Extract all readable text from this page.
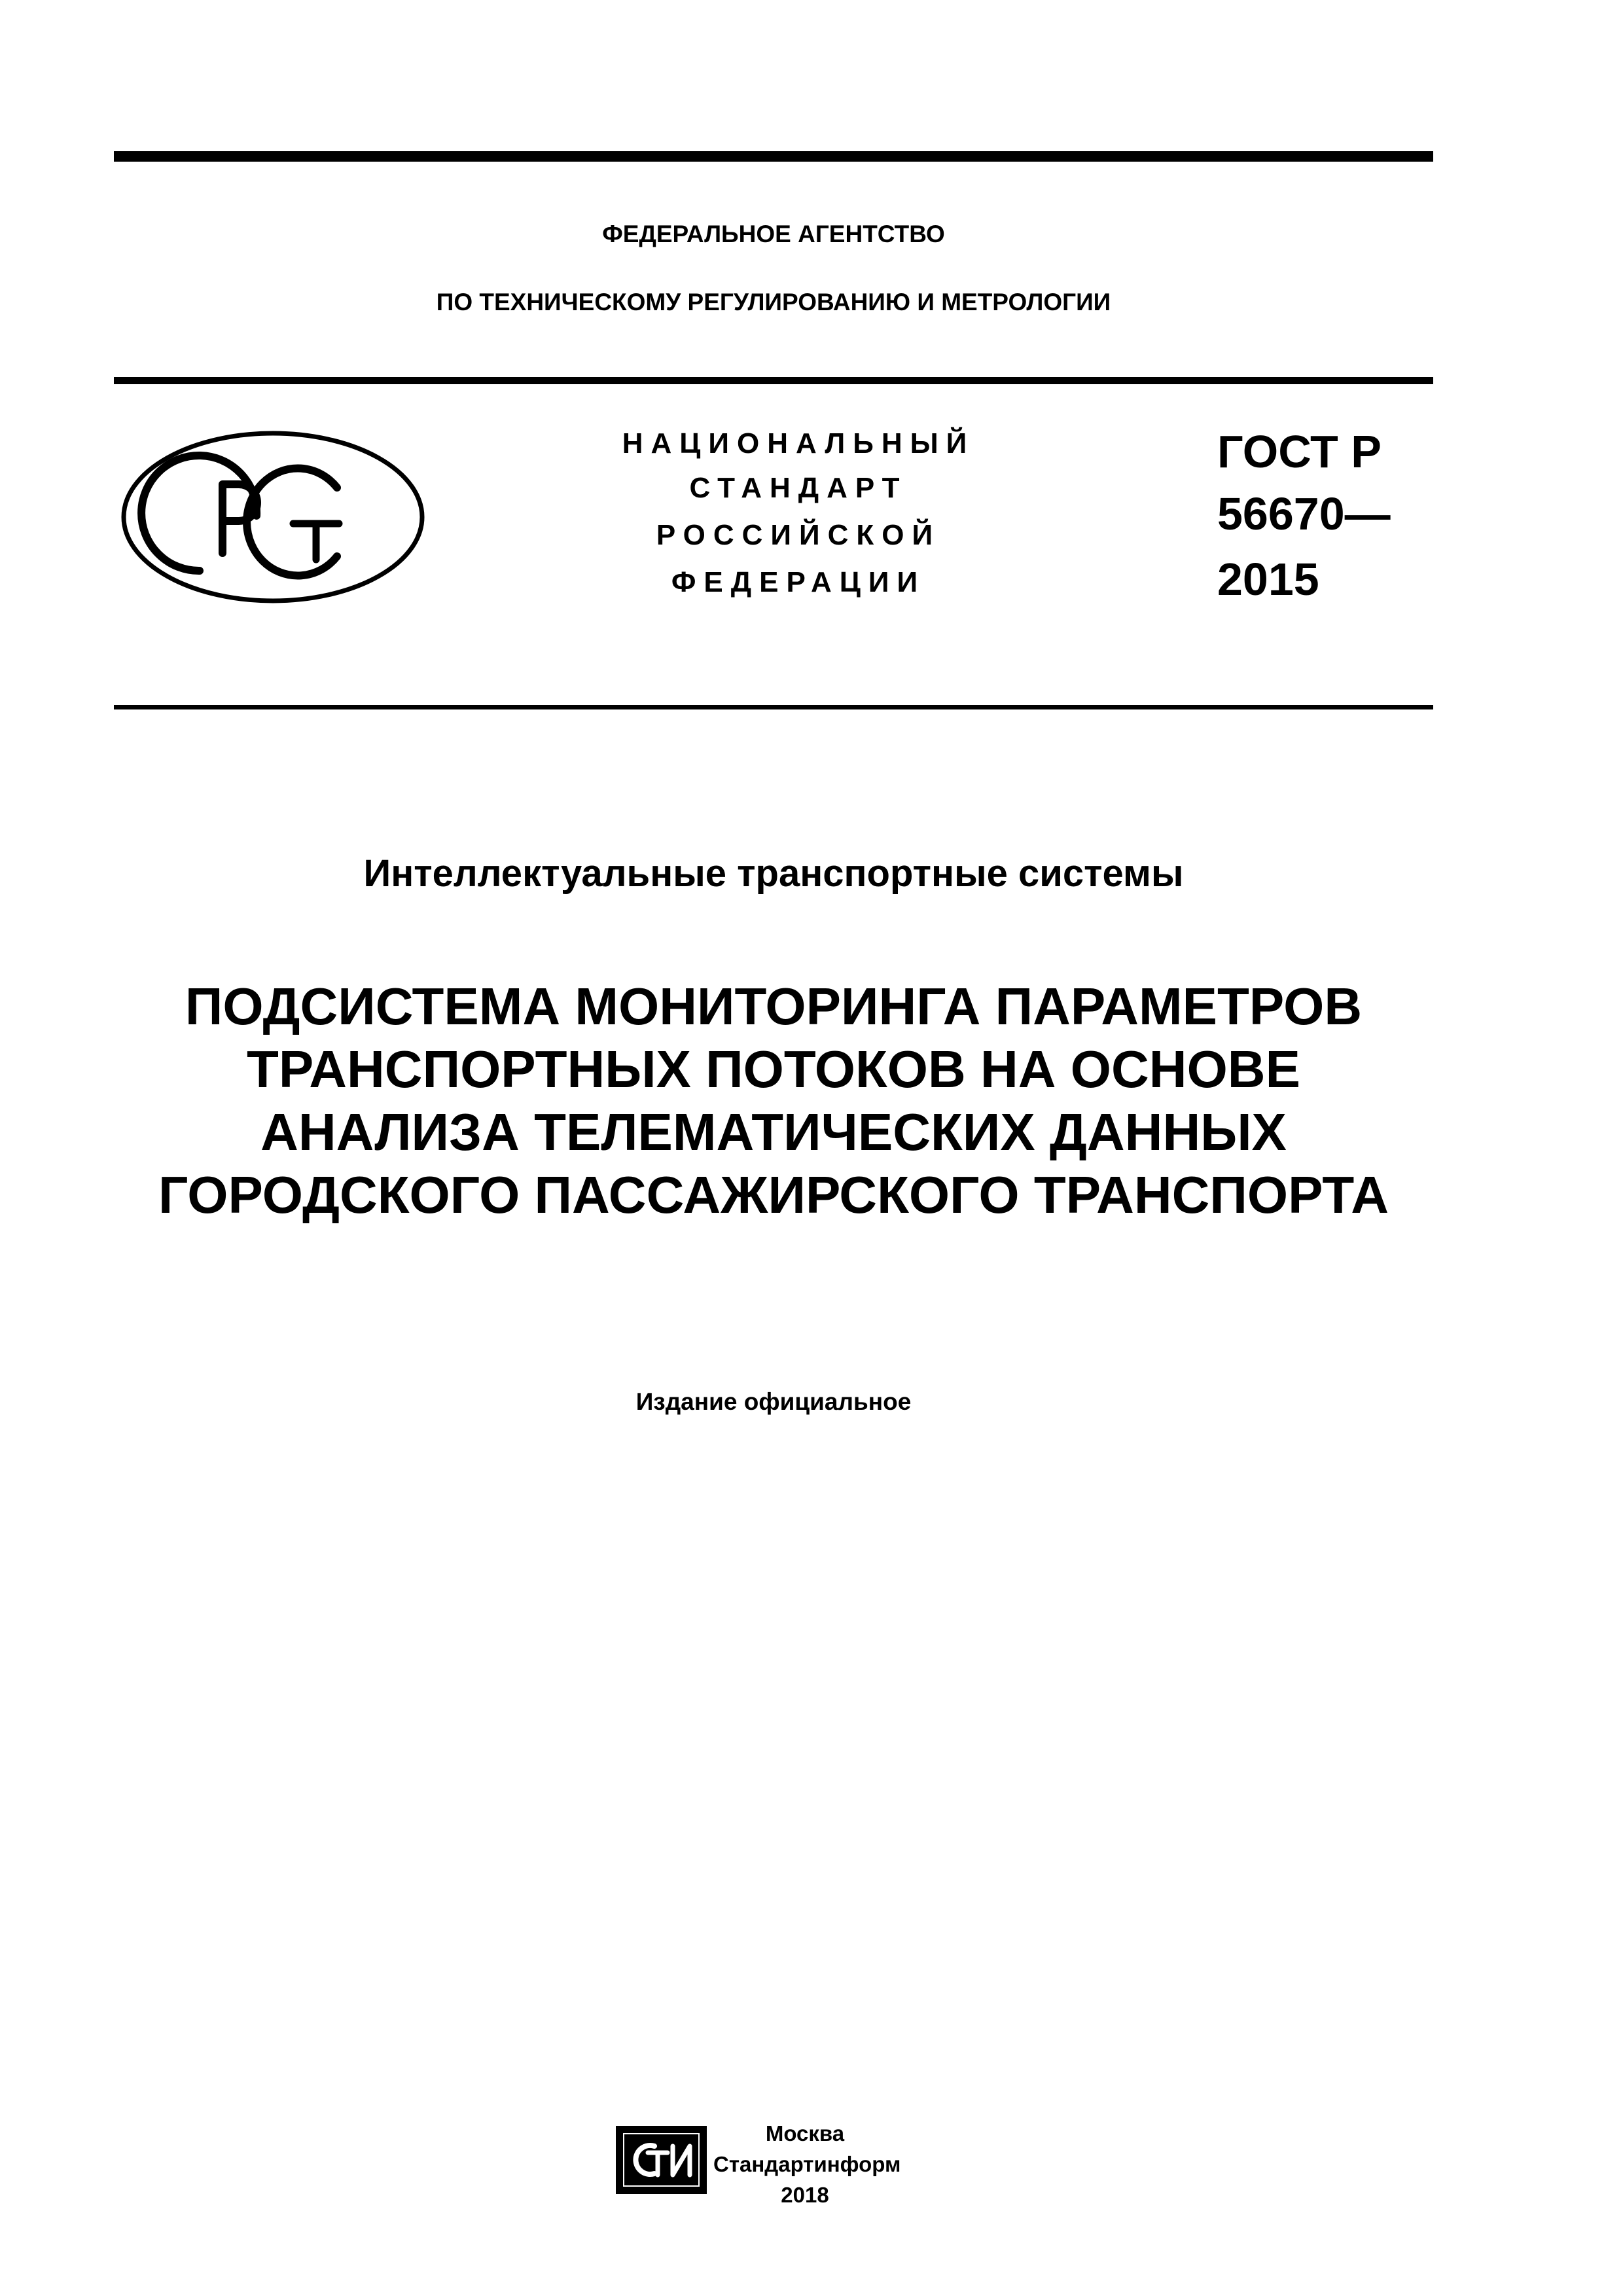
ФЕДЕРАЛЬНОЕ АГЕНТСТВО
ПО ТЕХНИЧЕСКОМУ РЕГУЛИРОВАНИЮ И МЕТРОЛОГИИ
НАЦИОНАЛЬНЫЙ
СТАНДАРТ
РОССИЙСКОЙ
ФЕДЕРАЦИИ
ГОСТ Р
56670—
2015
Интеллектуальные транспортные системы
ПОДСИСТЕМА МОНИТОРИНГА ПАРАМЕТРОВ
ТРАНСПОРТНЫХ ПОТОКОВ НА ОСНОВЕ
АНАЛИЗА ТЕЛЕМАТИЧЕСКИХ ДАННЫХ
ГОРОДСКОГО ПАССАЖИРСКОГО ТРАНСПОРТА
Издание официальное
Москва
Стандартинформ
2018
